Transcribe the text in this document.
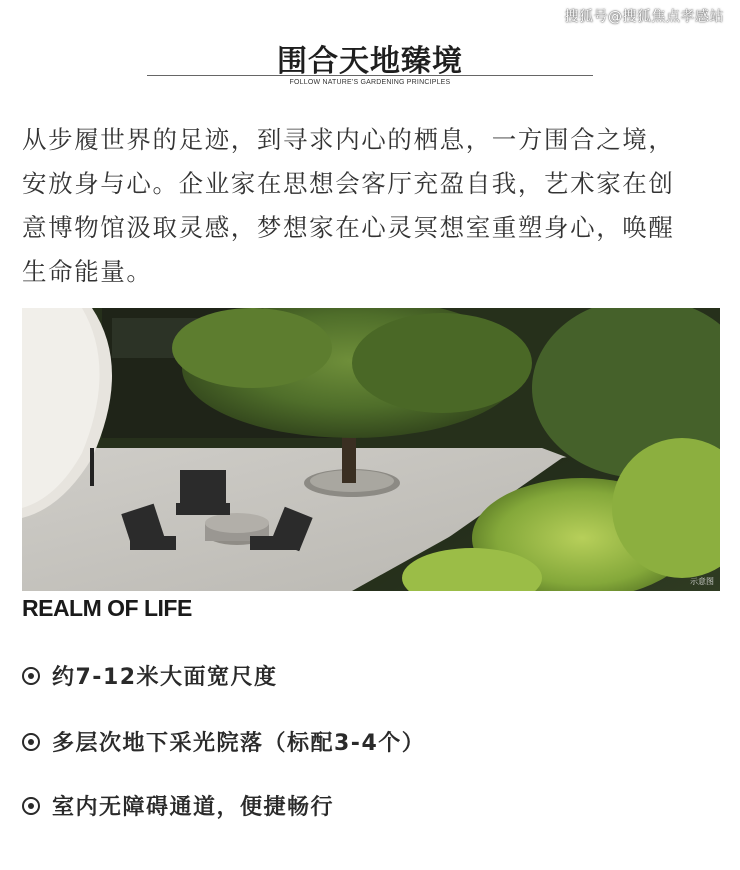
搜狐号@搜狐焦点孝感站
围合天地臻境
FOLLOW NATURE'S GARDENING PRINCIPLES
从步履世界的足迹，到寻求内心的栖息，一方围合之境，
安放身与心。企业家在思想会客厅充盈自我，艺术家在创
意博物馆汲取灵感，梦想家在心灵冥想室重塑身心，唤醒
生命能量。
示意图
REALM OF LIFE
约7-12米大面宽尺度
多层次地下采光院落（标配3-4个）
室内无障碍通道，便捷畅行
